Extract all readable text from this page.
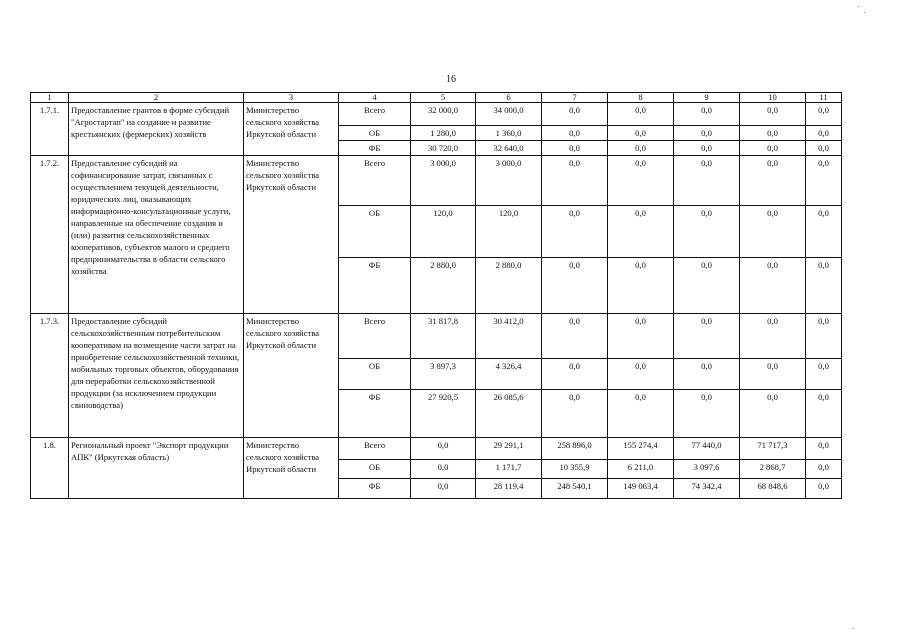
16
1	2	3	4	5	6	7	8	9	10	11
1.7.1.	Предоставление грантов в форме субсидий "Агростартап" на создание и развитие крестьянских (фермерских) хозяйств	Министерство сельского хозяйства Иркутской области	Всего	32 000,0	34 000,0	0,0	0,0	0,0	0,0	0,0
			ОБ	1 280,0	1 360,0	0,0	0,0	0,0	0,0	0,0
			ФБ	30 720,0	32 640,0	0,0	0,0	0,0	0,0	0,0
1.7.2.	Предоставление субсидий на софинансирование затрат, связанных с осуществлением текущей деятельности, юридических лиц, оказывающих информационно-консультационные услуги, направленные на обеспечение создания и (или) развития сельскохозяйственных кооперативов, субъектов малого и среднего предпринимательства в области сельского хозяйства	Министерство сельского хозяйства Иркутской области	Всего	3 000,0	3 000,0	0,0	0,0	0,0	0,0	0,0
			ОБ	120,0	120,0	0,0	0,0	0,0	0,0	0,0
			ФБ	2 880,0	2 880,0	0,0	0,0	0,0	0,0	0,0
1.7.3.	Предоставление субсидий сельскохозяйственным потребительским кооперативам на возмещение части затрат на приобретение сельскохозяйственной техники, мобильных торговых объектов, оборудования для переработки сельскохозяйственной продукции (за исключением продукции свиноводства)	Министерство сельского хозяйства Иркутской области	Всего	31 817,8	30 412,0	0,0	0,0	0,0	0,0	0,0
			ОБ	3 897,3	4 326,4	0,0	0,0	0,0	0,0	0,0
			ФБ	27 920,5	26 085,6	0,0	0,0	0,0	0,0	0,0
1.8.	Региональный проект "Экспорт продукции АПК" (Иркутская область)	Министерство сельского хозяйства Иркутской области	Всего	0,0	29 291,1	258 896,0	155 274,4	77 440,0	71 717,3	0,0
			ОБ	0,0	1 171,7	10 355,9	6 211,0	3 097,6	2 868,7	0,0
			ФБ	0,0	28 119,4	248 540,1	149 063,4	74 342,4	68 848,6	0,0
